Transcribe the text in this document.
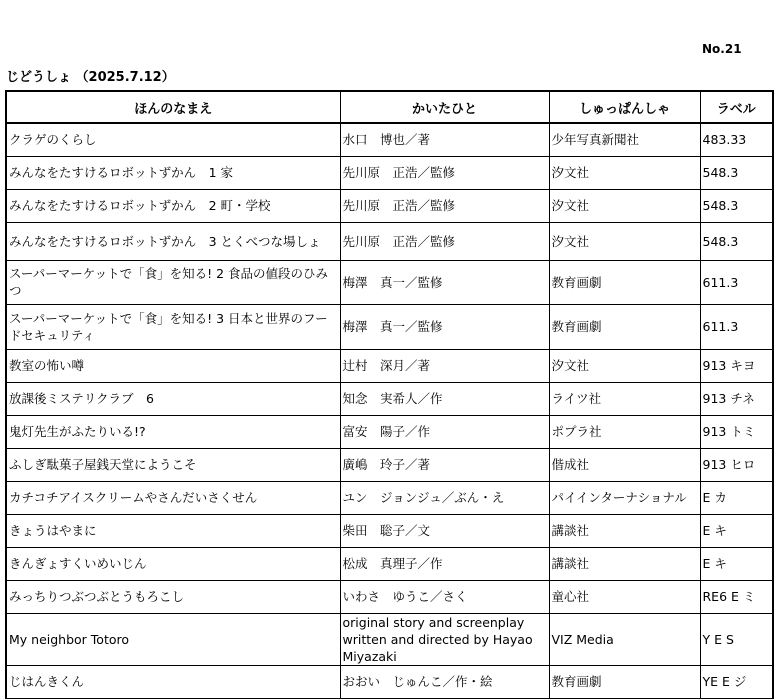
No.21
じどうしょ （2025.7.12）
ほんのなまえ	かいたひと	しゅっぱんしゃ	ラベル
クラゲのくらし	水口　博也／著	少年写真新聞社	483.33
みんなをたすけるロボットずかん　1 家	先川原　正浩／監修	汐文社	548.3
みんなをたすけるロボットずかん　2 町・学校	先川原　正浩／監修	汐文社	548.3
みんなをたすけるロボットずかん　3 とくべつな場しょ	先川原　正浩／監修	汐文社	548.3
スーパーマーケットで「食」を知る! 2 食品の値段のひみつ	梅澤　真一／監修	教育画劇	611.3
スーパーマーケットで「食」を知る! 3 日本と世界のフードセキュリティ	梅澤　真一／監修	教育画劇	611.3
教室の怖い噂	辻村　深月／著	汐文社	913 キヨ
放課後ミステリクラブ　6	知念　実希人／作	ライツ社	913 チネ
鬼灯先生がふたりいる!?	富安　陽子／作	ポプラ社	913 トミ
ふしぎ駄菓子屋銭天堂にようこそ	廣嶋　玲子／著	偕成社	913 ヒロ
カチコチアイスクリームやさんだいさくせん	ユン　ジョンジュ／ぶん・え	パイインターナショナル	E カ
きょうはやまに	柴田　聡子／文	講談社	E キ
きんぎょすくいめいじん	松成　真理子／作	講談社	E キ
みっちりつぶつぶとうもろこし	いわさ　ゆうこ／さく	童心社	RE6 E ミ
My neighbor Totoro	original story and screenplay written and directed by Hayao Miyazaki	VIZ Media	Y E S
じはんきくん	おおい　じゅんこ／作・絵	教育画劇	YE E ジ
